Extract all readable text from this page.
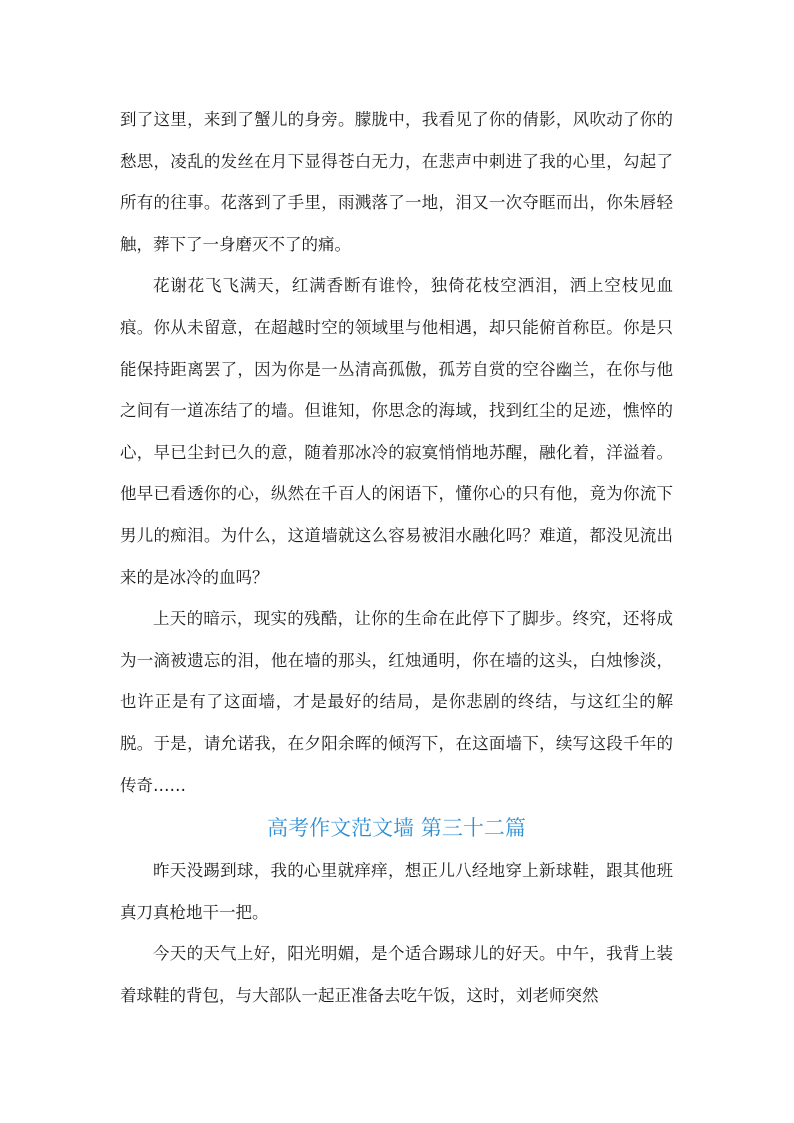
到了这里，来到了蟹儿的身旁。朦胧中，我看见了你的倩影，风吹动了你的愁思，凌乱的发丝在月下显得苍白无力，在悲声中刺进了我的心里，勾起了所有的往事。花落到了手里，雨溅落了一地，泪又一次夺眶而出，你朱唇轻触，葬下了一身磨灭不了的痛。

花谢花飞飞满天，红满香断有谁怜，独倚花枝空洒泪，洒上空枝见血痕。你从未留意，在超越时空的领域里与他相遇，却只能俯首称臣。你是只能保持距离罢了，因为你是一丛清高孤傲，孤芳自赏的空谷幽兰，在你与他之间有一道冻结了的墙。但谁知，你思念的海域，找到红尘的足迹，憔悴的心，早已尘封已久的意，随着那冰冷的寂寞悄悄地苏醒，融化着，洋溢着。他早已看透你的心，纵然在千百人的闲语下，懂你心的只有他，竟为你流下男儿的痴泪。为什么，这道墙就这么容易被泪水融化吗？难道，都没见流出来的是冰冷的血吗？

上天的暗示，现实的残酷，让你的生命在此停下了脚步。终究，还将成为一滴被遗忘的泪，他在墙的那头，红烛通明，你在墙的这头，白烛惨淡，也许正是有了这面墙，才是最好的结局，是你悲剧的终结，与这红尘的解脱。于是，请允诺我，在夕阳余晖的倾泻下，在这面墙下，续写这段千年的传奇……

高考作文范文墙 第三十二篇

昨天没踢到球，我的心里就痒痒，想正儿八经地穿上新球鞋，跟其他班真刀真枪地干一把。

今天的天气上好，阳光明媚，是个适合踢球儿的好天。中午，我背上装着球鞋的背包，与大部队一起正准备去吃午饭，这时，刘老师突然
